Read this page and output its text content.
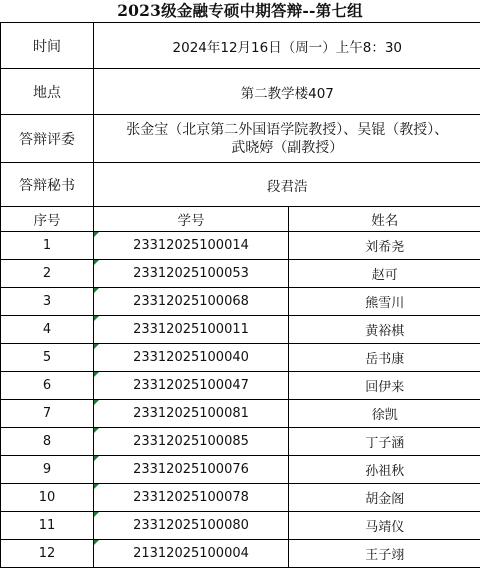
2023级金融专硕中期答辩--第七组
时间	2024年12月16日（周一）上午8：30	
地点	第二教学楼407	
答辩评委	张金宝（北京第二外国语学院教授）、吴锟（教授）、
武晓婷（副教授）	

答辩秘书	段君浩	
序号	学号	姓名
1	23312025100014	刘希尧
2	23312025100053	赵可
3	23312025100068	熊雪川
4	23312025100011	黄裕棋
5	23312025100040	岳书康
6	23312025100047	回伊来
7	23312025100081	徐凯
8	23312025100085	丁子涵
9	23312025100076	孙祖秋
10	23312025100078	胡金阁
11	23312025100080	马靖仪
12	21312025100004	王子翊
